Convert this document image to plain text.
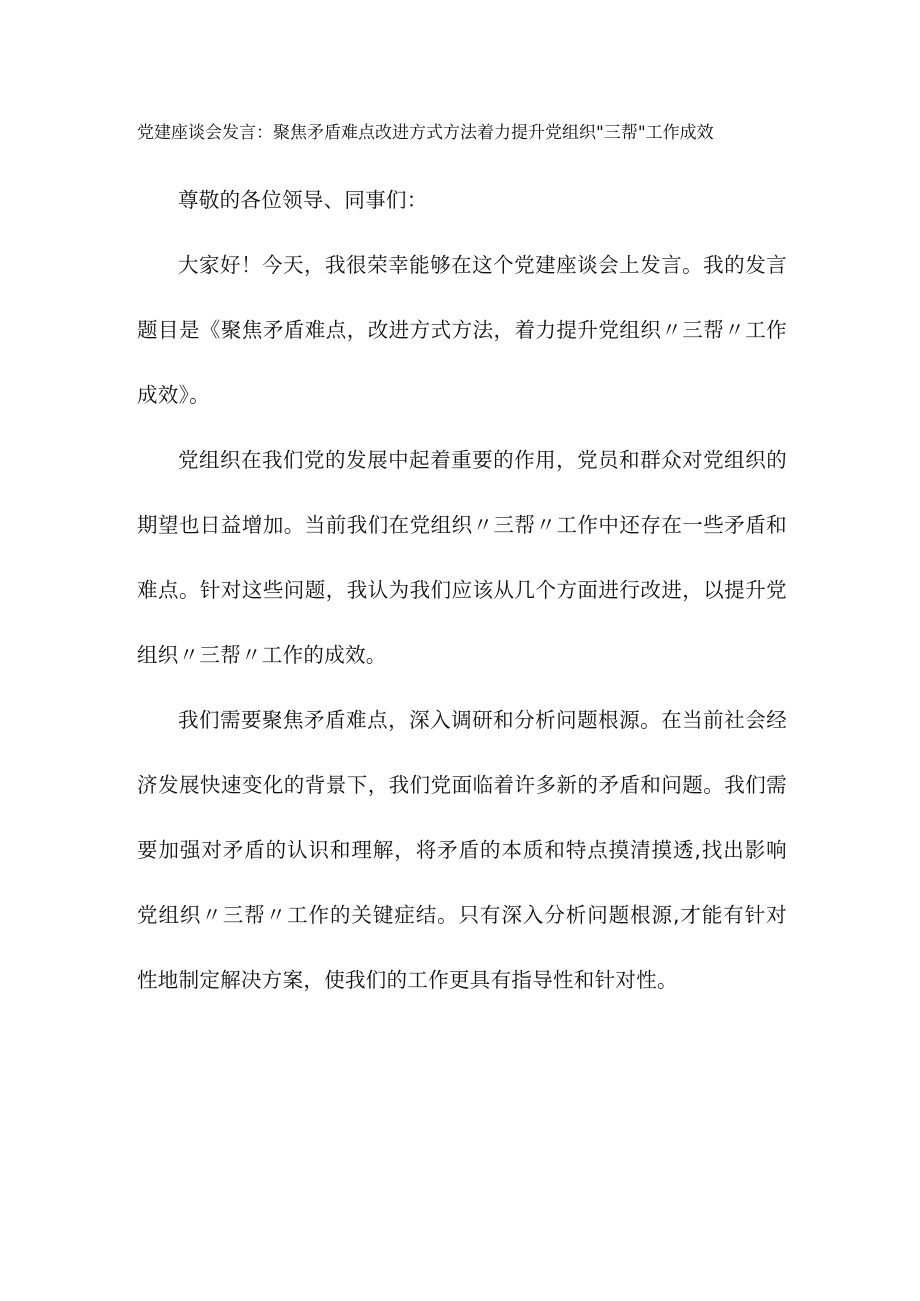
党建座谈会发言：聚焦矛盾难点改进方式方法着力提升党组织"三帮"工作成效

尊敬的各位领导、同事们：

大家好！今天，我很荣幸能够在这个党建座谈会上发言。我的发言题目是《聚焦矛盾难点，改进方式方法，着力提升党组织〃三帮〃工作成效》。

党组织在我们党的发展中起着重要的作用，党员和群众对党组织的期望也日益增加。当前我们在党组织〃三帮〃工作中还存在一些矛盾和难点。针对这些问题，我认为我们应该从几个方面进行改进，以提升党组织〃三帮〃工作的成效。

我们需要聚焦矛盾难点，深入调研和分析问题根源。在当前社会经济发展快速变化的背景下，我们党面临着许多新的矛盾和问题。我们需要加强对矛盾的认识和理解，将矛盾的本质和特点摸清摸透,找出影响党组织〃三帮〃工作的关键症结。只有深入分析问题根源,才能有针对性地制定解决方案，使我们的工作更具有指导性和针对性。
